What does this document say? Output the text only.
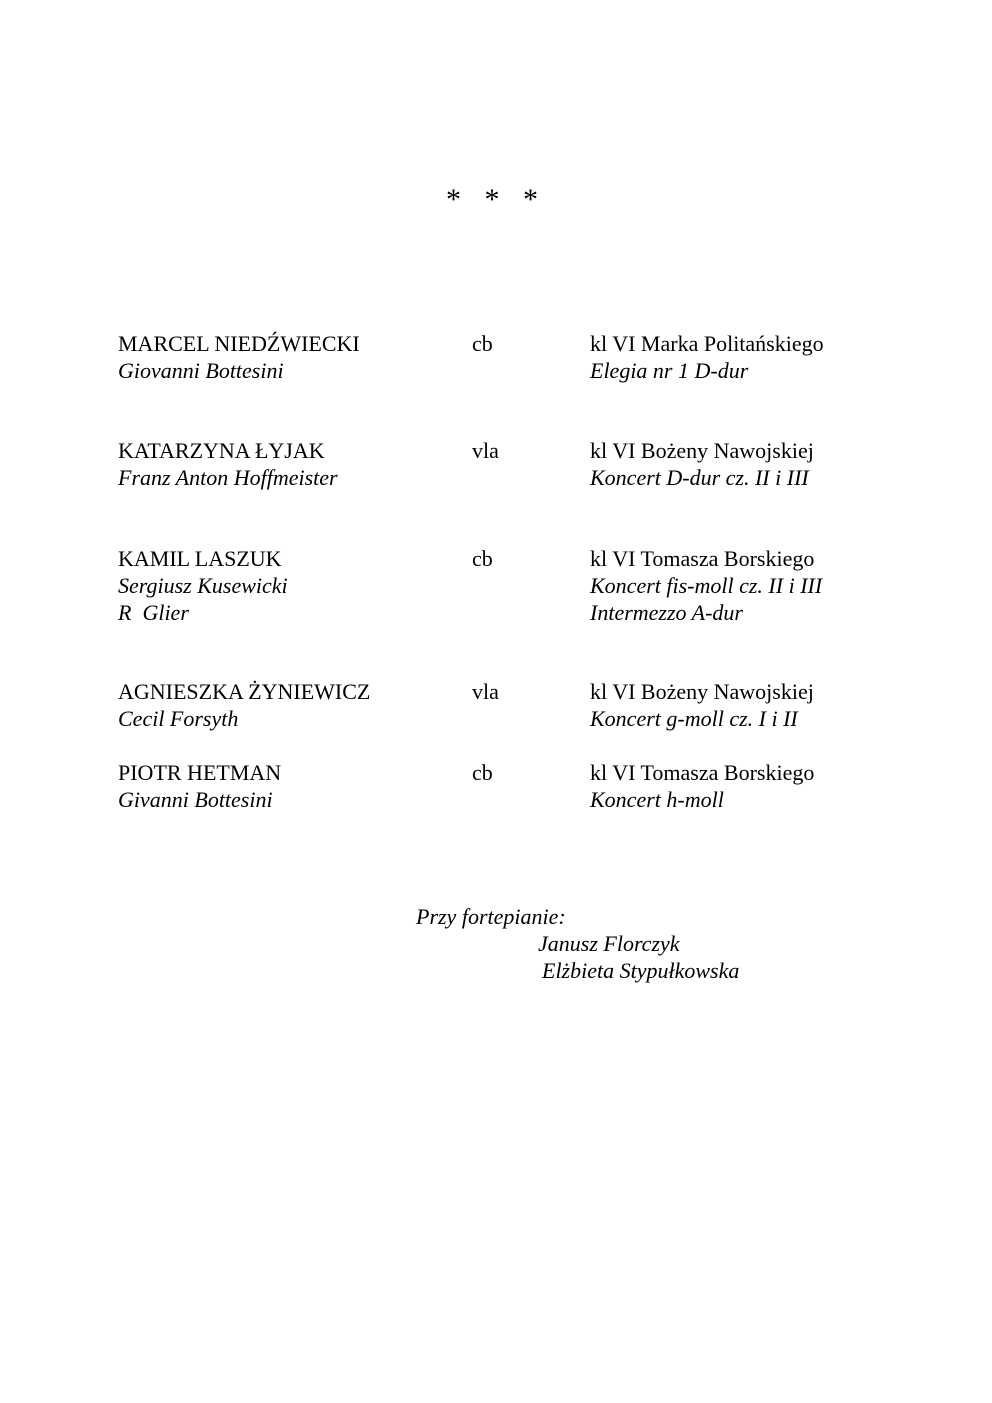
* * *
MARCEL NIEDŹWIECKI	cb	kl VI Marka Politańskiego
Giovanni Bottesini	Elegia nr 1 D-dur
KATARZYNA ŁYJAK	vla	kl VI Bożeny Nawojskiej
Franz Anton Hoffmeister	Koncert D-dur cz. II i III
KAMIL LASZUK	cb	kl VI Tomasza Borskiego
Sergiusz Kusewicki	Koncert fis-moll cz. II i III
R  Glier	Intermezzo A-dur
AGNIESZKA ŻYNIEWICZ	vla	kl VI Bożeny Nawojskiej
Cecil Forsyth	Koncert g-moll cz. I i II
PIOTR HETMAN	cb	kl VI Tomasza Borskiego
Givanni Bottesini	Koncert h-moll
Przy fortepianie:
Janusz Florczyk
Elżbieta Stypułkowska
